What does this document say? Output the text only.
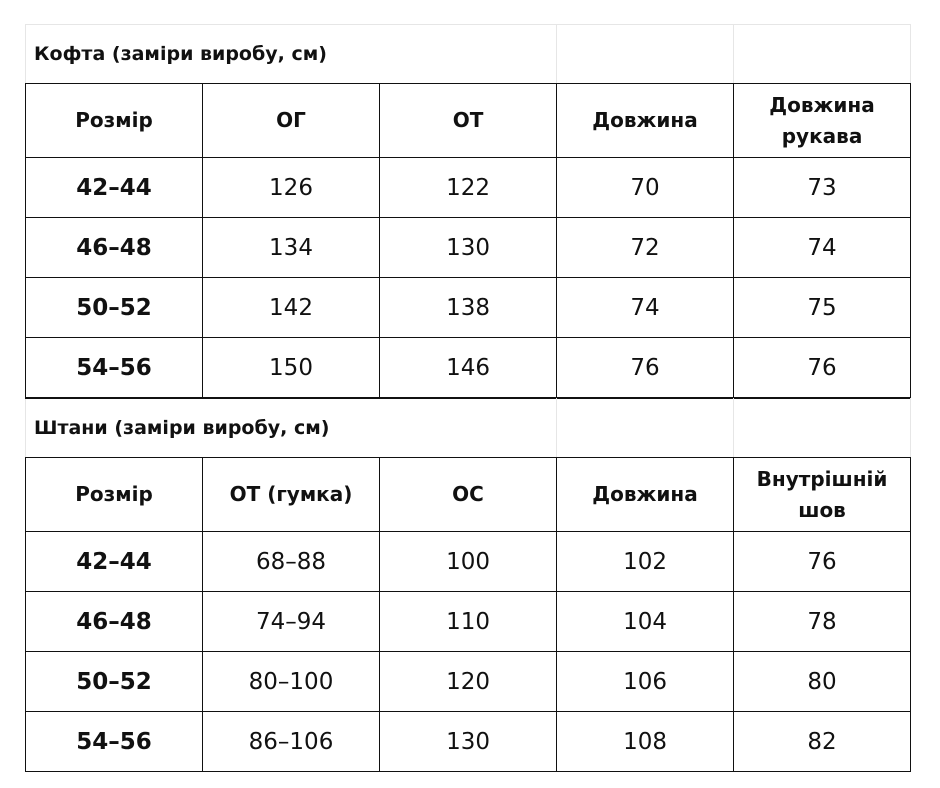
Кофта (заміри виробу, см)				
Розмір	ОГ	ОТ	Довжина	Довжина рукава
42–44	126	122	70	73
46–48	134	130	72	74
50–52	142	138	74	75
54–56	150	146	76	76
Штани (заміри виробу, см)				
Розмір	ОТ (гумка)	ОС	Довжина	Внутрішній шов
42–44	68–88	100	102	76
46–48	74–94	110	104	78
50–52	80–100	120	106	80
54–56	86–106	130	108	82
